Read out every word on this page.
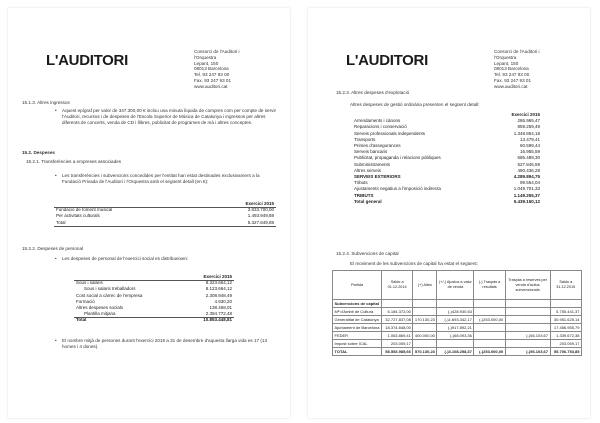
L'AUDITORI
Consorci de l'Auditori i
l'Orquestra
Lepant, 150
08013 Barcelona
Tel. 93 247 93 00
Fax. 93 247 93 01
www.auditori.cat
15.1.3. Altres ingressos
• Aquest epígraf per valor de 347.300,00 € inclou una minuta líquida de compres com per compte de servir l'Auditori, recursos i de despeses de l'Escola Superior de Música de Catalunya i ingressos per altres diferents de concerts, venda de CD i llibres, publicitat de programes de mà i altres conceptes.
15.2. Despeses
15.2.1. Transferències a empreses associades
• Les transferències i subvencions concedides per l'entitat han estat destinades exclusivament a la Fundació Privada de l'Auditori i l'Orquestra amb el següent detall (en €):
	Exercici 2015
Fundació de foment musical	3.833.700,00
Per activitats culturals	1.493.949,88
Total	5.327.649,88
15.2.2. Despeses de personal
• Les despeses de personal de l'exercici social es distribueixen:
	Exercici 2015
Sous i salaris	8.323.664,12
Sous i salaris treballadors	8.123.664,12
Cost social a càrrec de l'empresa	2.308.948,49
Formació	4.930,20
Altres despeses socials	138.468,01
Plantilla mitjana	2.394.772,48
Total	10.853.448,81
• El nombre mitjà de persones durant l'exercici 2015 a 31 de desembre d'aquesta llarga vida es 17 (13 homes i 4 dones).
L'AUDITORI
Consorci de l'Auditori i
l'Orquestra
Lepant, 150
08013 Barcelona
Tel. 93 247 93 00
Fax. 93 247 93 01
www.auditori.cat
15.2.3. Altres despeses d'explotació
Altres despeses de gestió ordinària presenten el següent detall:
	Exercici 2015
Arrendaments i cànons	286.965,47
Reparacions i conservació	859.259,49
Serveis professionals independents	1.348.864,18
Transports	13.479,41
Primes d'assegurances	60.599,44
Serveis bancaris	16.955,59
Publicitat, propaganda i relacions públiques	685.489,30
Subministraments	527.845,59
Altres serveis	490.436,28
SERVEIS EXTERIORS	4.289.894,75
Tributs	99.554,04
Ajustaments negatius a l'imposició indirecta	1.049.701,33
TRIBUTS	1.149.255,37
Total general	5.439.150,12
15.2.4. Subvencions de capital
El moviment de les subvencions de capital ha estat el següent:
Partida	Saldo a 01.12.2014	(+) Altes	(+/-) Ajustos a valor de venda	(-) Traspàs a resultats	Traspàs a reserves per venda d'actius subvencionats	Saldo a 31.12.2015
Subvencions de capital						
Mª d'Ambit de Cultura	6.184.372,00		(-)428.930,63			5.755.441,37
Generalitat de Catalunya	32.727.837,08	170.130,23	(-)1.693.342,17	(-)253.000,00		30.951.625,14
Ajuntament de Barcelona	18.374.848,00		(-)917.892,21			17.456.955,79
FEDER	1.063.869,41	400.000,00	(-)68.093,36		(-)56.103,67	1.339.672,38
Impost sobre ICAL	203.059,17					203.059,17
TOTAL	58.553.985,66	570.130,23	(-)3.108.258,37	(-)253.000,00	(-)56.103,67	55.706.753,85
